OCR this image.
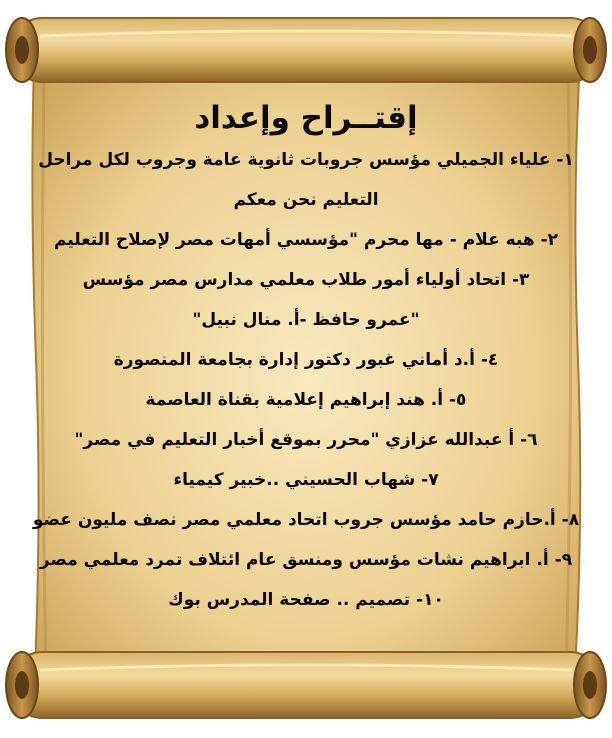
إقتــراح وإعداد
١- علياء الجميلي مؤسس جروبات ثانوية عامة وجروب لكل مراحل
التعليم نحن معكم
٢- هبه علام - مها محرم "مؤسسي أمهات مصر لإصلاح التعليم
٣- اتحاد أولياء أمور طلاب معلمي مدارس مصر مؤسس
"عمرو حافظ -أ. منال نبيل"
٤- أ.د أماني غبور دكتور إدارة بجامعة المنصورة
٥- أ. هند إبراهيم إعلامية بقناة العاصمة
٦- أ عبدالله عزازي "محرر بموقع أخبار التعليم في مصر"
٧- شهاب الحسيني ..خبير كيمياء
٨- أ.حازم حامد مؤسس جروب اتحاد معلمي مصر نصف مليون عضو
٩- أ. ابراهيم نشات مؤسس ومنسق عام ائتلاف تمرد معلمي مصر
١٠- تصميم .. صفحة المدرس بوك
